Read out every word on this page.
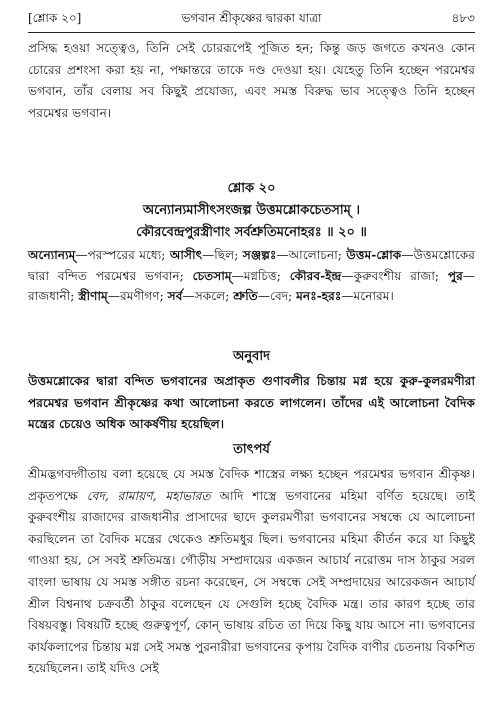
[শ্লোক ২০]	ভগবান শ্রীকৃষ্ণের দ্বারকা যাত্রা	৪৮৩
প্রসিদ্ধ হওয়া সত্ত্বেও, তিনি সেই চোররূপেই পূজিত হন; কিন্তু জড় জগতে কখনও কোন চোরের প্রশংসা করা হয় না, পক্ষান্তরে তাকে দণ্ড দেওয়া হয়। যেহেতু তিনি হচ্ছেন পরমেশ্বর ভগবান, তাঁর বেলায় সব কিছুই প্রযোজ্য, এবং সমস্ত বিরুদ্ধ ভাব সত্ত্বেও তিনি হচ্ছেন পরমেশ্বর ভগবান।
শ্লোক ২০
অন্যোন্যমাসীৎসংজল্প উত্তমশ্লোকচেতসাম্ ।
কৌরবেন্দ্রপুরস্ত্রীণাং সর্বশ্রুতিমনোহরঃ ॥ ২০ ॥
অন্যোন্যম্—পরস্পরের মধ্যে; আসীৎ—ছিল; সঞ্জল্পঃ—আলোচনা; উত্তম-শ্লোক—উত্তমশ্লোকের দ্বারা বন্দিত পরমেশ্বর ভগবান; চেতসাম্—মগ্নচিত্ত; কৌরব-ইন্দ্র—কুরুবংশীয় রাজা; পুর—রাজধানী; স্ত্রীণাম্—রমণীগণ; সর্ব—সকলে; শ্রুতি—বেদ; মনঃ-হরঃ—মনোরম।
অনুবাদ
উত্তমশ্লোকের দ্বারা বন্দিত ভগবানের অপ্রাকৃত গুণাবলীর চিন্তায় মগ্ন হয়ে কুরু-কুলরমণীরা পরমেশ্বর ভগবান শ্রীকৃষ্ণের কথা আলোচনা করতে লাগলেন। তাঁদের এই আলোচনা বৈদিক মন্ত্রের চেয়েও অধিক আকর্ষণীয় হয়েছিল।
তাৎপর্য
শ্রীমদ্ভগবদ্গীতায় বলা হয়েছে যে সমস্ত বৈদিক শাস্ত্রের লক্ষ্য হচ্ছেন পরমেশ্বর ভগবান শ্রীকৃষ্ণ। প্রকৃতপক্ষে বেদ, রামায়ণ, মহাভারত আদি শাস্ত্রে ভগবানের মহিমা বর্ণিত হয়েছে। তাই কুরুবংশীয় রাজাদের রাজধানীর প্রাসাদের ছাদে কুলরমণীরা ভগবানের সম্বন্ধে যে আলোচনা করছিলেন তা বৈদিক মন্ত্রের থেকেও শ্রুতিমধুর ছিল। ভগবানের মহিমা কীর্তন করে যা কিছুই গাওয়া হয়, সে সবই শ্রুতিমন্ত্র। গৌড়ীয় সম্প্রদায়ের একজন আচার্য নরোত্তম দাস ঠাকুর সরল বাংলা ভাষায় যে সমস্ত সঙ্গীত রচনা করেছেন, সে সম্বন্ধে সেই সম্প্রদায়ের আরেকজন আচার্য শ্রীল বিশ্বনাথ চক্রবর্তী ঠাকুর বলেছেন যে সেগুলি হচ্ছে বৈদিক মন্ত্র। তার কারণ হচ্ছে তার বিষয়বস্তু। বিষয়টি হচ্ছে গুরুত্বপূর্ণ, কোন্ ভাষায় রচিত তা দিয়ে কিছু যায় আসে না। ভগবানের কার্যকলাপের চিন্তায় মগ্ন সেই সমস্ত পুরনারীরা ভগবানের কৃপায় বৈদিক বাণীর চেতনায় বিকশিত হয়েছিলেন। তাই যদিও সেই
